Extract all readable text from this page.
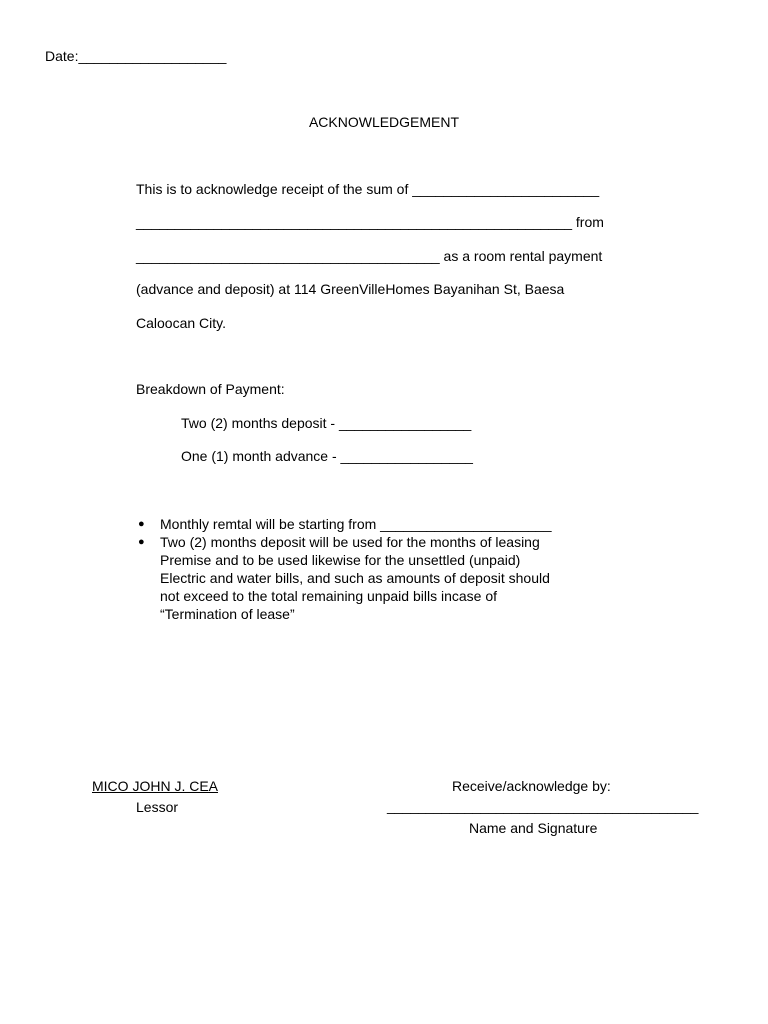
Date:___________________
ACKNOWLEDGEMENT
This is to acknowledge receipt of the sum of ________________________
________________________________________________________ from
_______________________________________ as a room rental payment
(advance and deposit) at 114 GreenVilleHomes Bayanihan St, Baesa
Caloocan City.
Breakdown of Payment:
Two (2) months deposit - _________________
One (1) month advance - _________________
● Monthly remtal will be starting from ______________________
● Two (2) months deposit will be used for the months of leasing
Premise and to be used likewise for the unsettled (unpaid)
Electric and water bills, and such as amounts of deposit should
not exceed to the total remaining unpaid bills incase of
“Termination of lease”
MICO JOHN J. CEA
Lessor
Receive/acknowledge by:
________________________________________
Name and Signature
